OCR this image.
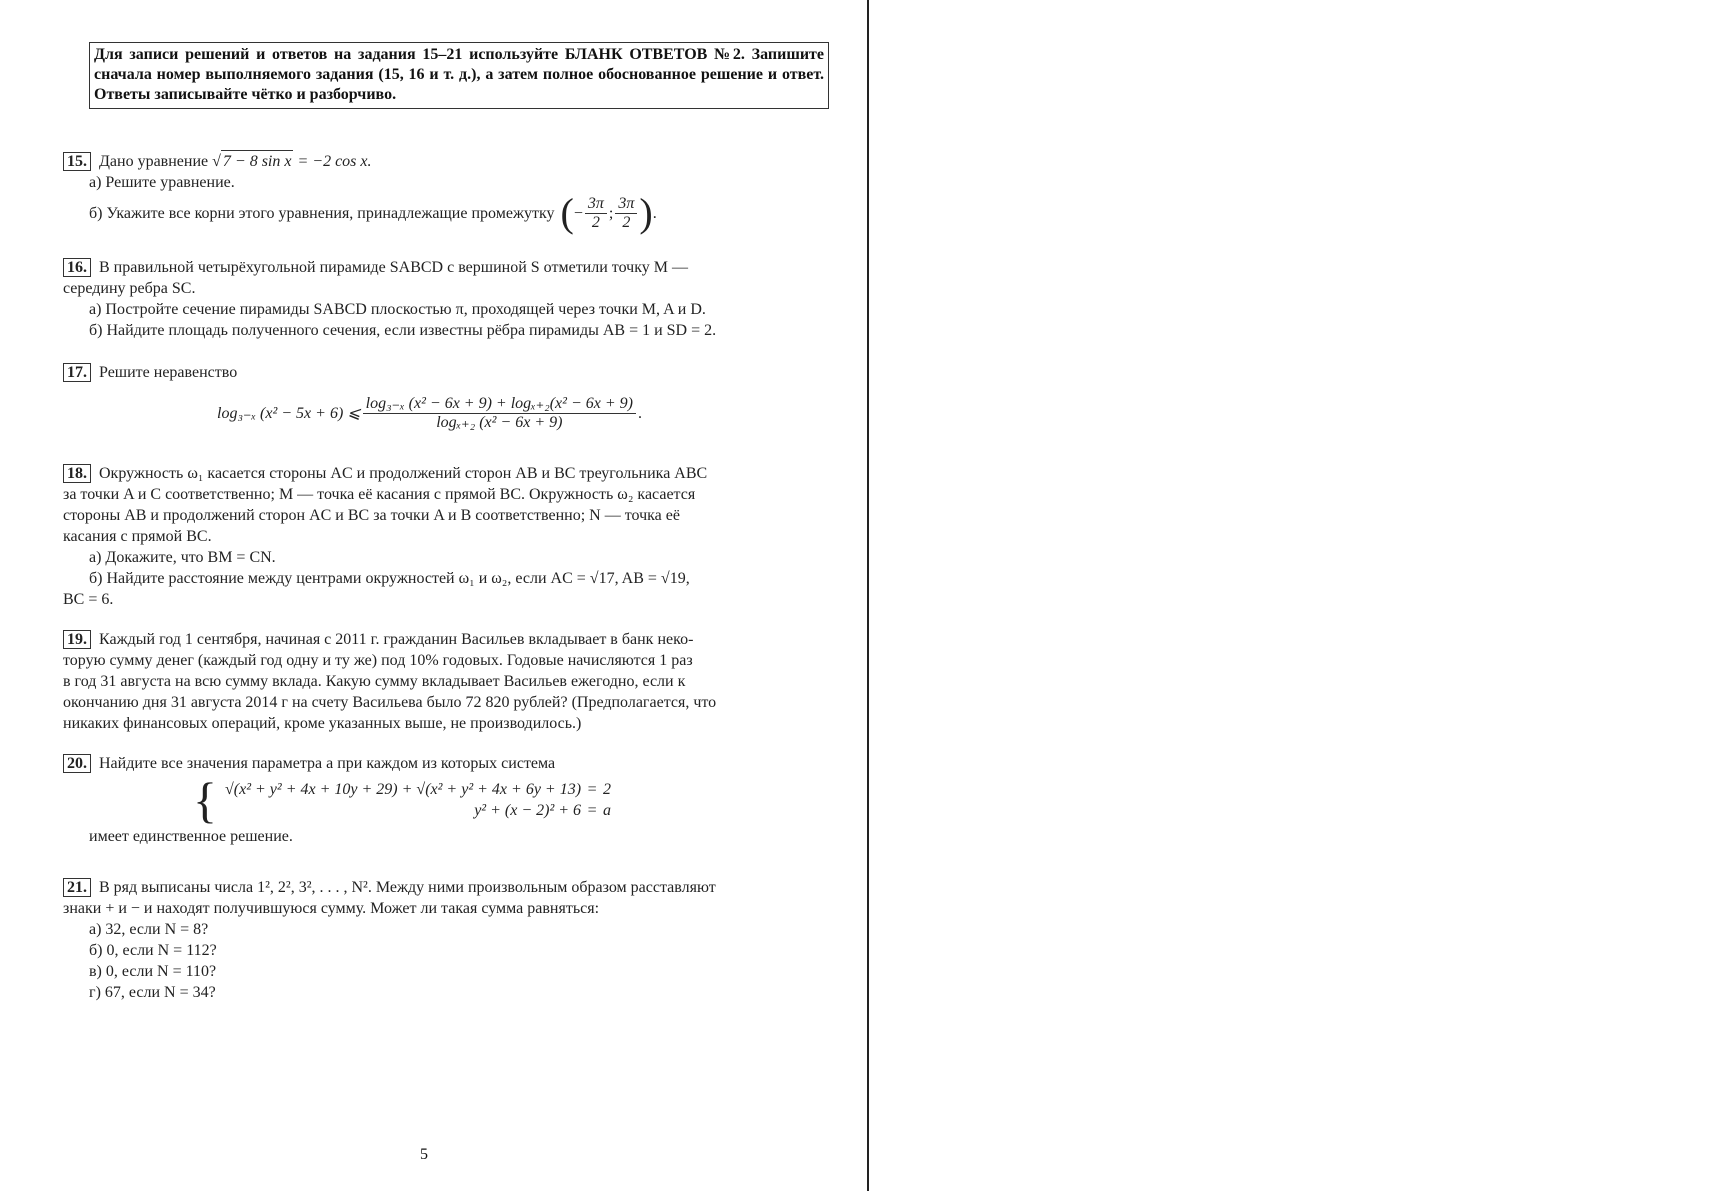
Для записи решений и ответов на задания 15–21 используйте БЛАНК ОТВЕТОВ №2. Запишите сначала номер выполняемого задания (15, 16 и т. д.), а затем полное обоснованное решение и ответ. Ответы записывайте чётко и разборчиво.
15. Дано уравнение √ 7 − 8 sin x = −2 cos x.
а) Решите уравнение.
б) Укажите все корни этого уравнения, принадлежащие промежутку ( − $\frac{3\pi}{2}$ ; $\frac{3\pi}{2}$ ) .
16. В правильной четырёхугольной пирамиде SABCD с вершиной S отметили точку M —
середину ребра SC.
а) Постройте сечение пирамиды SABCD плоскостью π, проходящей через точки M, A и D.
б) Найдите площадь полученного сечения, если известны рёбра пирамиды AB = 1 и SD = 2.
17. Решите неравенство
log₃₋ₓ (x² − 5x + 6) ⩽ $\frac{\text{log₃₋ₓ (x² − 6x + 9) + logₓ₊₂(x² − 6x + 9)}}{\text{logₓ₊₂ (x² − 6x + 9)}}$ .
18. Окружность ω₁ касается стороны AC и продолжений сторон AB и BC треугольника ABC
за точки A и C соответственно; M — точка её касания с прямой BC. Окружность ω₂ касается
стороны AB и продолжений сторон AC и BC за точки A и B соответственно; N — точка её
касания с прямой BC.
а) Докажите, что BM = CN.
б) Найдите расстояние между центрами окружностей ω₁ и ω₂, если AC = √17, AB = √19,
BC = 6.
19. Каждый год 1 сентября, начиная с 2011 г. гражданин Васильев вкладывает в банк неко-
торую сумму денег (каждый год одну и ту же) под 10% годовых. Годовые начисляются 1 раз
в год 31 августа на всю сумму вклада. Какую сумму вкладывает Васильев ежегодно, если к
окончанию дня 31 августа 2014 г на счету Васильева было 72 820 рублей? (Предполагается, что
никаких финансовых операций, кроме указанных выше, не производилось.)
20. Найдите все значения параметра a при каждом из которых система
{ √(x² + y² + 4x + 10y + 29) + √(x² + y² + 4x + 6y + 13) = 2
y² + (x − 2)² + 6 = a
имеет единственное решение.
21. В ряд выписаны числа 1², 2², 3², . . . , N². Между ними произвольным образом расставляют
знаки + и − и находят получившуюся сумму. Может ли такая сумма равняться:
а) 32, если N = 8?
б) 0, если N = 112?
в) 0, если N = 110?
г) 67, если N = 34?
5
